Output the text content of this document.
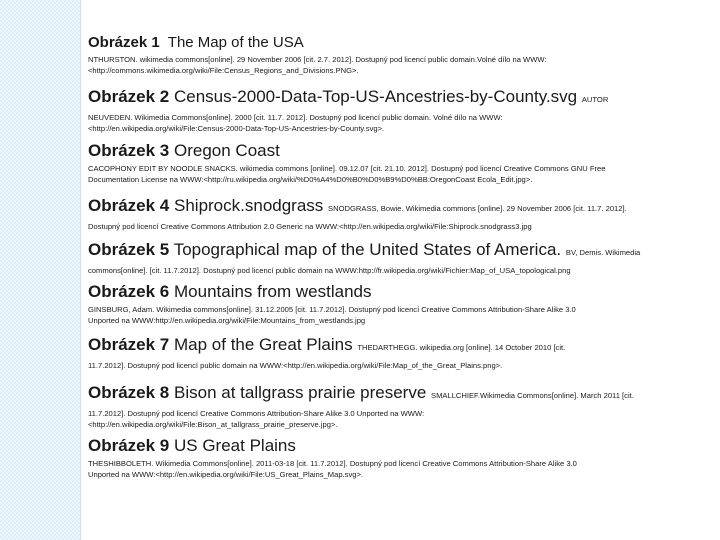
Obrázek 1 The Map of the USA
NTHURSTON. wikimedia commons[online]. 29 November 2006 [cit. 2.7. 2012]. Dostupný pod licencí public domain.Volné dílo na WWW:
<http://commons.wikimedia.org/wiki/File:Census_Regions_and_Divisions.PNG>.
Obrázek 2 Census-2000-Data-Top-US-Ancestries-by-County.svg AUTOR
NEUVEDEN. Wikimedia Commons[online]. 2000 [cit. 11.7. 2012]. Dostupný pod licencí public domain. Volné dílo na WWW:
<http://en.wikipedia.org/wiki/File:Census-2000-Data-Top-US-Ancestries-by-County.svg>.
Obrázek 3 Oregon Coast
CACOPHONY EDIT BY NOODLE SNACKS. wikimedia commons [online]. 09.12.07 [cit. 21.10. 2012]. Dostupný pod licencí Creative Commons GNU Free
Documentation License na WWW:<http://ru.wikipedia.org/wiki/%D0%A4%D0%B0%D0%B9%D0%BB:OregonCoast Ecola_Edit.jpg>.
Obrázek 4 Shiprock.snodgrass SNODGRASS, Bowie. Wikimedia commons [online]. 29 November 2006 [cit. 11.7. 2012].
Dostupný pod licencí Creative Commons Attribution 2.0 Generic na WWW:<http://en.wikipedia.org/wiki/File:Shiprock.snodgrass3.jpg
Obrázek 5 Topographical map of the United States of America. BV, Demis. Wikimedia
commons[online]. [cit. 11.7.2012]. Dostupný pod licencí public domain na WWW:http://fr.wikipedia.org/wiki/Fichier:Map_of_USA_topological.png
Obrázek 6 Mountains from westlands
GINSBURG, Adam. Wikimedia commons[online]. 31.12.2005 [cit. 11.7.2012]. Dostupný pod licencí Creative Commons Attribution-Share Alike 3.0
Unported na WWW:http://en.wikipedia.org/wiki/File:Mountains_from_westlands.jpg
Obrázek 7 Map of the Great Plains THEDARTHEGG. wikipedia.org [online]. 14 October 2010 [cit.
11.7.2012]. Dostupný pod licencí public domain na WWW:<http://en.wikipedia.org/wiki/File:Map_of_the_Great_Plains.png>.
Obrázek 8 Bison at tallgrass prairie preserve SMALLCHIEF.Wikimedia Commons[online]. March 2011 [cit.
11.7.2012]. Dostupný pod licencí Creative Commons Attribution-Share Alike 3.0 Unported na WWW:
<http://en.wikipedia.org/wiki/File:Bison_at_tallgrass_prairie_preserve.jpg>.
Obrázek 9 US Great Plains
THESHIBBOLETH. Wikimedia Commons[online]. 2011-03-18 [cit. 11.7.2012]. Dostupný pod licencí Creative Commons Attribution-Share Alike 3.0
Unported na WWW:<http://en.wikipedia.org/wiki/File:US_Great_Plains_Map.svg>.
